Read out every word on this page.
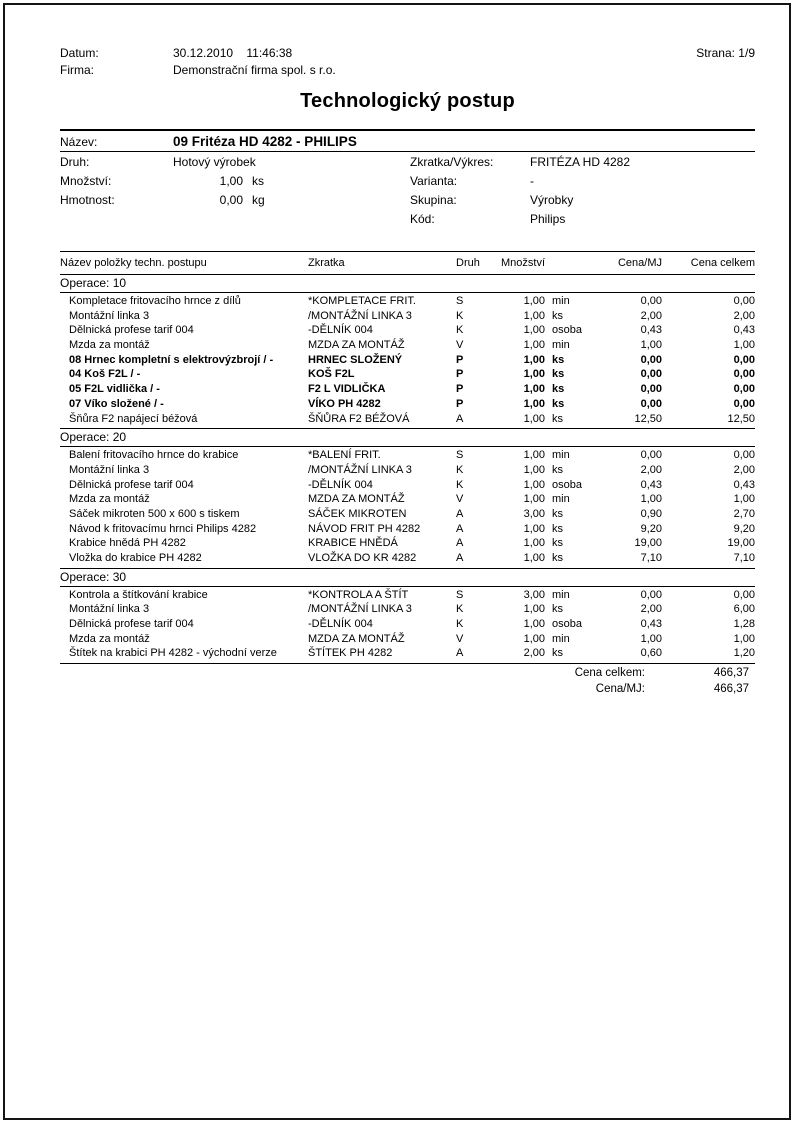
Datum:	30.12.2010    11:46:38
Firma:	Demonstrační firma spol. s r.o.
Strana: 1/9
Technologický postup
Název:	09 Fritéza HD 4282 - PHILIPS
Druh:	Hotový výrobek
Množství:	1,00 ks
Hmotnost:	0,00 kg
Zkratka/Výkres:	FRITÉZA HD 4282
Varianta:	-
Skupina:	Výrobky
Kód:	Philips
Název položky techn. postupu	Zkratka	Druh	Množství	Cena/MJ	Cena celkem
Operace: 10
Kompletace fritovacího hrnce z dílů	*KOMPLETACE FRIT.	S	1,00 min	0,00	0,00
Montážní linka 3	/MONTÁŽNÍ LINKA 3	K	1,00 ks	2,00	2,00
Dělnická profese tarif 004	-DĚLNÍK 004	K	1,00 osoba	0,43	0,43
Mzda za montáž	MZDA ZA MONTÁŽ	V	1,00 min	1,00	1,00
08 Hrnec kompletní s elektrovýzbrojí / -	HRNEC SLOŽENÝ	P	1,00 ks	0,00	0,00
04 Koš F2L / -	KOŠ F2L	P	1,00 ks	0,00	0,00
05 F2L vidlička / -	F2 L VIDLIČKA	P	1,00 ks	0,00	0,00
07 Víko složené / -	VÍKO PH 4282	P	1,00 ks	0,00	0,00
Šňůra F2 napájecí béžová	ŠŇŮRA F2 BÉŽOVÁ	A	1,00 ks	12,50	12,50
Operace: 20
Balení fritovacího hrnce do krabice	*BALENÍ FRIT.	S	1,00 min	0,00	0,00
Montážní linka 3	/MONTÁŽNÍ LINKA 3	K	1,00 ks	2,00	2,00
Dělnická profese tarif 004	-DĚLNÍK 004	K	1,00 osoba	0,43	0,43
Mzda za montáž	MZDA ZA MONTÁŽ	V	1,00 min	1,00	1,00
Sáček mikroten 500 x 600 s tiskem	SÁČEK MIKROTEN	A	3,00 ks	0,90	2,70
Návod k fritovacímu hrnci Philips 4282	NÁVOD FRIT PH 4282	A	1,00 ks	9,20	9,20
Krabice hnědá PH 4282	KRABICE HNĚDÁ	A	1,00 ks	19,00	19,00
Vložka do krabice PH 4282	VLOŽKA DO KR 4282	A	1,00 ks	7,10	7,10
Operace: 30
Kontrola a štítkování krabice	*KONTROLA A ŠTÍT	S	3,00 min	0,00	0,00
Montážní linka 3	/MONTÁŽNÍ LINKA 3	K	1,00 ks	2,00	6,00
Dělnická profese tarif 004	-DĚLNÍK 004	K	1,00 osoba	0,43	1,28
Mzda za montáž	MZDA ZA MONTÁŽ	V	1,00 min	1,00	1,00
Štítek na krabici PH 4282 - východní verze	ŠTÍTEK PH 4282	A	2,00 ks	0,60	1,20
Cena celkem:	466,37
Cena/MJ:	466,37
